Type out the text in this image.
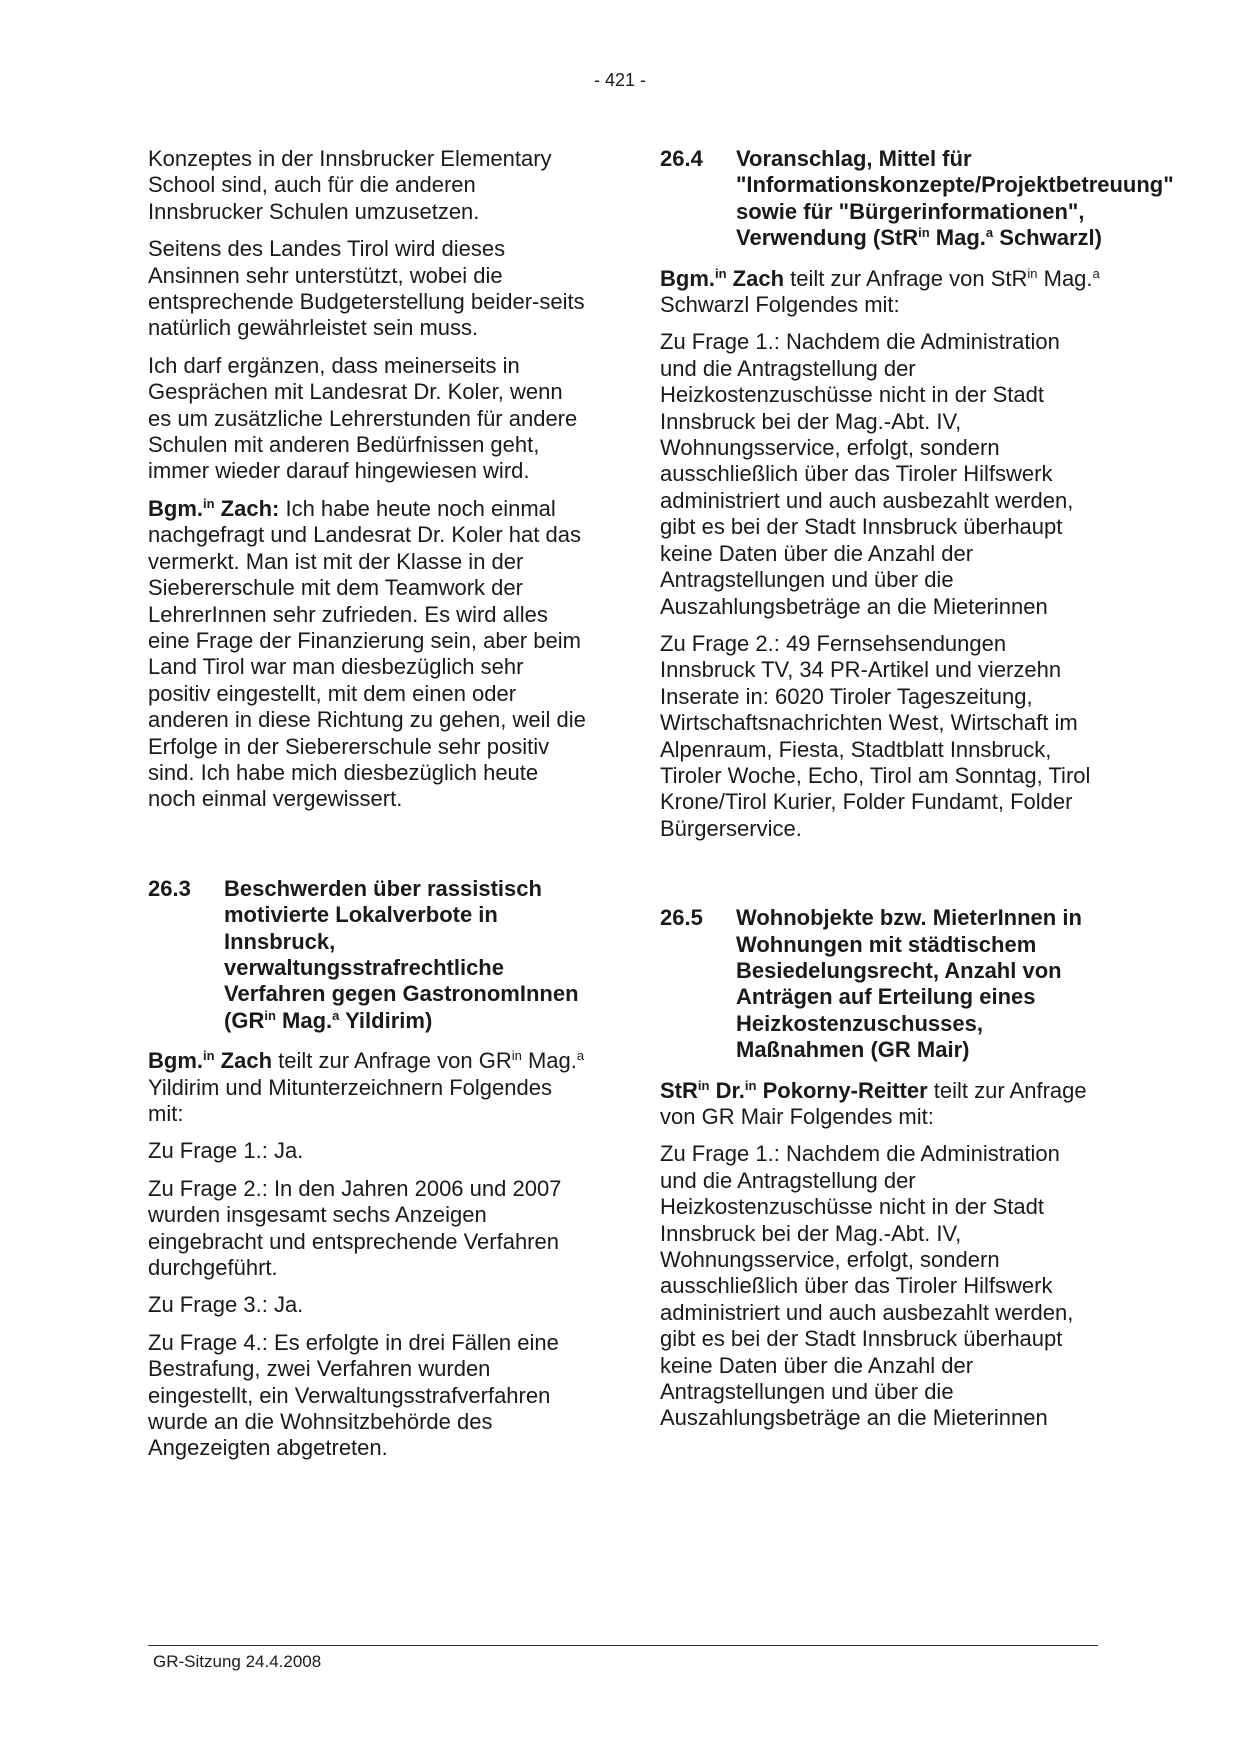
- 421 -

Konzeptes in der Innsbrucker Elementary School sind, auch für die anderen Innsbrucker Schulen umzusetzen.

Seitens des Landes Tirol wird dieses Ansinnen sehr unterstützt, wobei die entsprechende Budgeterstellung beider-seits natürlich gewährleistet sein muss.

Ich darf ergänzen, dass meinerseits in Gesprächen mit Landesrat Dr. Koler, wenn es um zusätzliche Lehrerstunden für andere Schulen mit anderen Bedürfnissen geht, immer wieder darauf hingewiesen wird.

Bgm.$^{in}$ Zach: Ich habe heute noch einmal nachgefragt und Landesrat Dr. Koler hat das vermerkt. Man ist mit der Klasse in der Siebererschule mit dem Teamwork der LehrerInnen sehr zufrieden. Es wird alles eine Frage der Finanzierung sein, aber beim Land Tirol war man diesbezüglich sehr positiv eingestellt, mit dem einen oder anderen in diese Richtung zu gehen, weil die Erfolge in der Siebererschule sehr positiv sind. Ich habe mich diesbezüglich heute noch einmal vergewissert.

26.3	Beschwerden über rassistisch motivierte Lokalverbote in Innsbruck, verwaltungsstrafrechtliche Verfahren gegen GastronomInnen ($GR^{in}$ Mag.$^a$ Yildirim)

Bgm.$^{in}$ Zach teilt zur Anfrage von $GR^{in}$ Mag.$^a$ Yildirim und Mitunterzeichnern Folgendes mit:

Zu Frage 1.: Ja.

Zu Frage 2.: In den Jahren 2006 und 2007 wurden insgesamt sechs Anzeigen eingebracht und entsprechende Verfahren durchgeführt.

Zu Frage 3.: Ja.

Zu Frage 4.: Es erfolgte in drei Fällen eine Bestrafung, zwei Verfahren wurden eingestellt, ein Verwaltungsstrafverfahren wurde an die Wohnsitzbehörde des Angezeigten abgetreten.

26.4	Voranschlag, Mittel für "Informationskonzepte/Projektbetreuung" sowie für "Bürgerinformationen", Verwendung (StR$^{in}$ Mag.$^a$ Schwarzl)

Bgm.$^{in}$ Zach teilt zur Anfrage von StR$^{in}$ Mag.$^a$ Schwarzl Folgendes mit:

Zu Frage 1.: Nachdem die Administration und die Antragstellung der Heizkostenzuschüsse nicht in der Stadt Innsbruck bei der Mag.-Abt. IV, Wohnungsservice, erfolgt, sondern ausschließlich über das Tiroler Hilfswerk administriert und auch ausbezahlt werden, gibt es bei der Stadt Innsbruck überhaupt keine Daten über die Anzahl der Antragstellungen und über die Auszahlungsbeträge an die Mieterinnen

Zu Frage 2.: 49 Fernsehsendungen Innsbruck TV, 34 PR-Artikel und vierzehn Inserate in: 6020 Tiroler Tageszeitung, Wirtschaftsnachrichten West, Wirtschaft im Alpenraum, Fiesta, Stadtblatt Innsbruck, Tiroler Woche, Echo, Tirol am Sonntag, Tirol Krone/Tirol Kurier, Folder Fundamt, Folder Bürgerservice.

26.5	Wohnobjekte bzw. MieterInnen in Wohnungen mit städtischem Besiedelungsrecht, Anzahl von Anträgen auf Erteilung eines Heizkostenzuschusses, Maßnahmen (GR Mair)

StR$^{in}$ Dr.$^{in}$ Pokorny-Reitter teilt zur Anfrage von GR Mair Folgendes mit:

Zu Frage 1.: Nachdem die Administration und die Antragstellung der Heizkostenzuschüsse nicht in der Stadt Innsbruck bei der Mag.-Abt. IV, Wohnungsservice, erfolgt, sondern ausschließlich über das Tiroler Hilfswerk administriert und auch ausbezahlt werden, gibt es bei der Stadt Innsbruck überhaupt keine Daten über die Anzahl der Antragstellungen und über die Auszahlungsbeträge an die Mieterinnen

GR-Sitzung 24.4.2008
